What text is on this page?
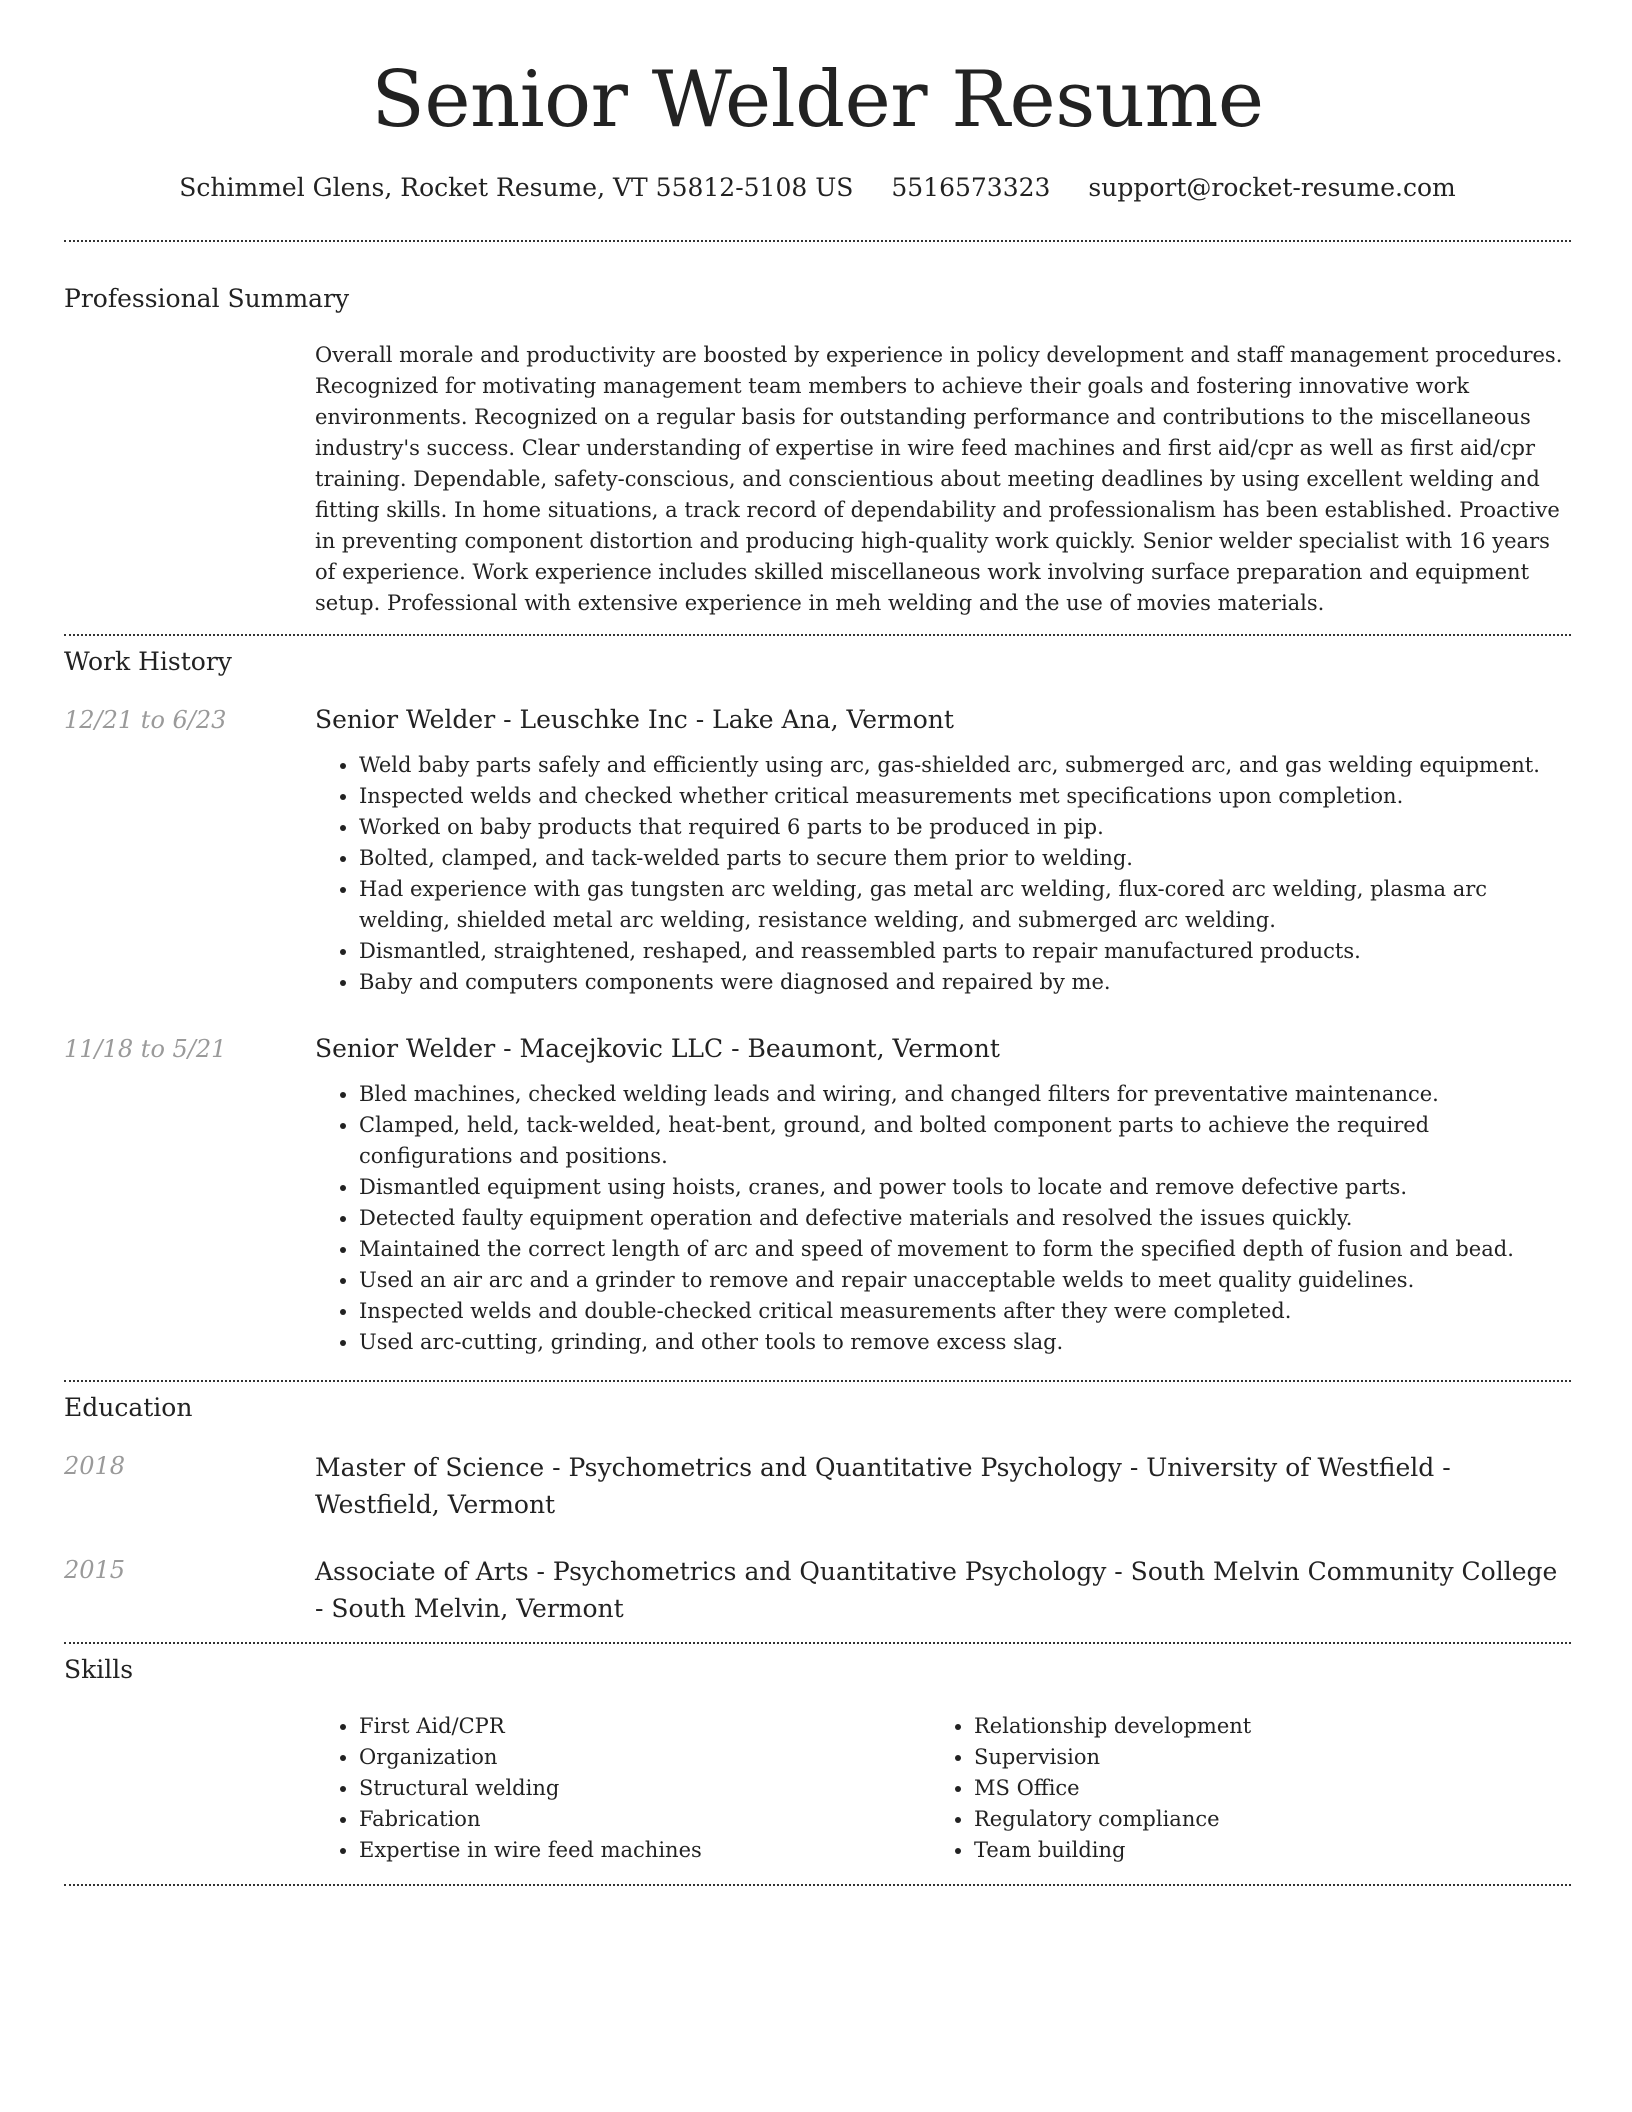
Senior Welder Resume
Schimmel Glens, Rocket Resume, VT 55812-5108 US 5516573323 support@rocket-resume.com
Professional Summary

Overall morale and productivity are boosted by experience in policy development and staff management procedures. Recognized for motivating management team members to achieve their goals and fostering innovative work environments. Recognized on a regular basis for outstanding performance and contributions to the miscellaneous industry's success. Clear understanding of expertise in wire feed machines and first aid/cpr as well as first aid/cpr training. Dependable, safety-conscious, and conscientious about meeting deadlines by using excellent welding and fitting skills. In home situations, a track record of dependability and professionalism has been established. Proactive in preventing component distortion and producing high-quality work quickly. Senior welder specialist with 16 years of experience. Work experience includes skilled miscellaneous work involving surface preparation and equipment setup. Professional with extensive experience in meh welding and the use of movies materials.

Work History
12/21 to 6/23	Senior Welder - Leuschke Inc - Lake Ana, Vermont

• Weld baby parts safely and efficiently using arc, gas-shielded arc, submerged arc, and gas welding equipment.
• Inspected welds and checked whether critical measurements met specifications upon completion.
• Worked on baby products that required 6 parts to be produced in pip.
• Bolted, clamped, and tack-welded parts to secure them prior to welding.
• Had experience with gas tungsten arc welding, gas metal arc welding, flux-cored arc welding, plasma arc welding, shielded metal arc welding, resistance welding, and submerged arc welding.
• Dismantled, straightened, reshaped, and reassembled parts to repair manufactured products.
• Baby and computers components were diagnosed and repaired by me.
11/18 to 5/21	Senior Welder - Macejkovic LLC - Beaumont, Vermont

• Bled machines, checked welding leads and wiring, and changed filters for preventative maintenance.
• Clamped, held, tack-welded, heat-bent, ground, and bolted component parts to achieve the required configurations and positions.
• Dismantled equipment using hoists, cranes, and power tools to locate and remove defective parts.
• Detected faulty equipment operation and defective materials and resolved the issues quickly.
• Maintained the correct length of arc and speed of movement to form the specified depth of fusion and bead.
• Used an air arc and a grinder to remove and repair unacceptable welds to meet quality guidelines.
• Inspected welds and double-checked critical measurements after they were completed.
• Used arc-cutting, grinding, and other tools to remove excess slag.
Education
2018	Master of Science - Psychometrics and Quantitative Psychology - University of Westfield - Westfield, Vermont

2015	Associate of Arts - Psychometrics and Quantitative Psychology - South Melvin Community College - South Melvin, Vermont

Skills
• First Aid/CPR
• Organization
• Structural welding
• Fabrication
• Expertise in wire feed machines
• Relationship development
• Supervision
• MS Office
• Regulatory compliance
• Team building
